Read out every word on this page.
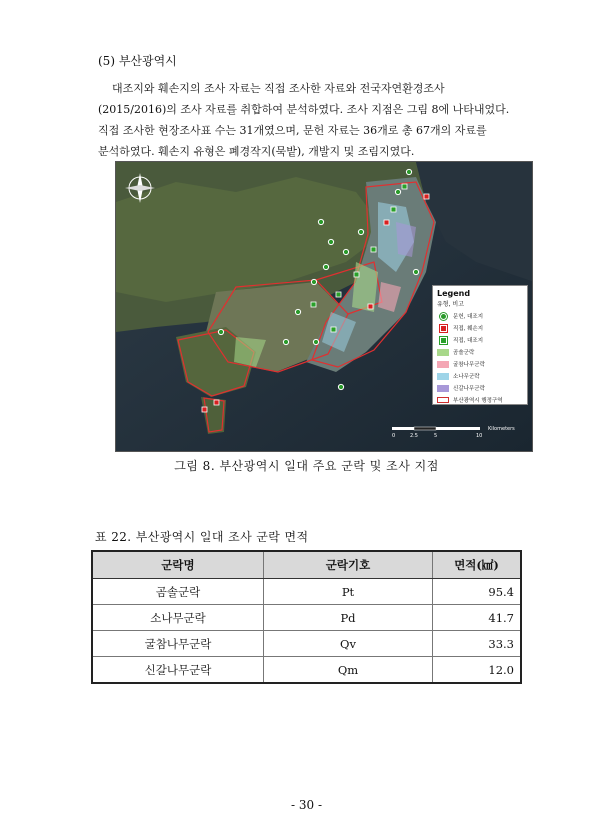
(5) 부산광역시
대조지와 훼손지의 조사 자료는 직접 조사한 자료와 전국자연환경조사
(2015/2016)의 조사 자료를 취합하여 분석하였다. 조사 지점은 그림 8에 나타내었다.
직접 조사한 현장조사표 수는 31개였으며, 문헌 자료는 36개로 총 67개의 자료를
분석하였다. 훼손지 유형은 폐경작지(묵밭), 개발지 및 조림지였다.
Legend
유형, 비고
문헌, 대조지
직접, 훼손지
직접, 대조지
곰솔군락
굴참나무군락
소나무군락
신갈나무군락
부산광역시 행정구역
0	2.5	5	10
Kilometers
그림 8. 부산광역시 일대 주요 군락 및 조사 지점
표 22. 부산광역시 일대 조사 군락 면적
군락명	군락기호	면적(㎢)
곰솔군락	Pt	95.4
소나무군락	Pd	41.7
굴참나무군락	Qv	33.3
신갈나무군락	Qm	12.0
- 30 -
